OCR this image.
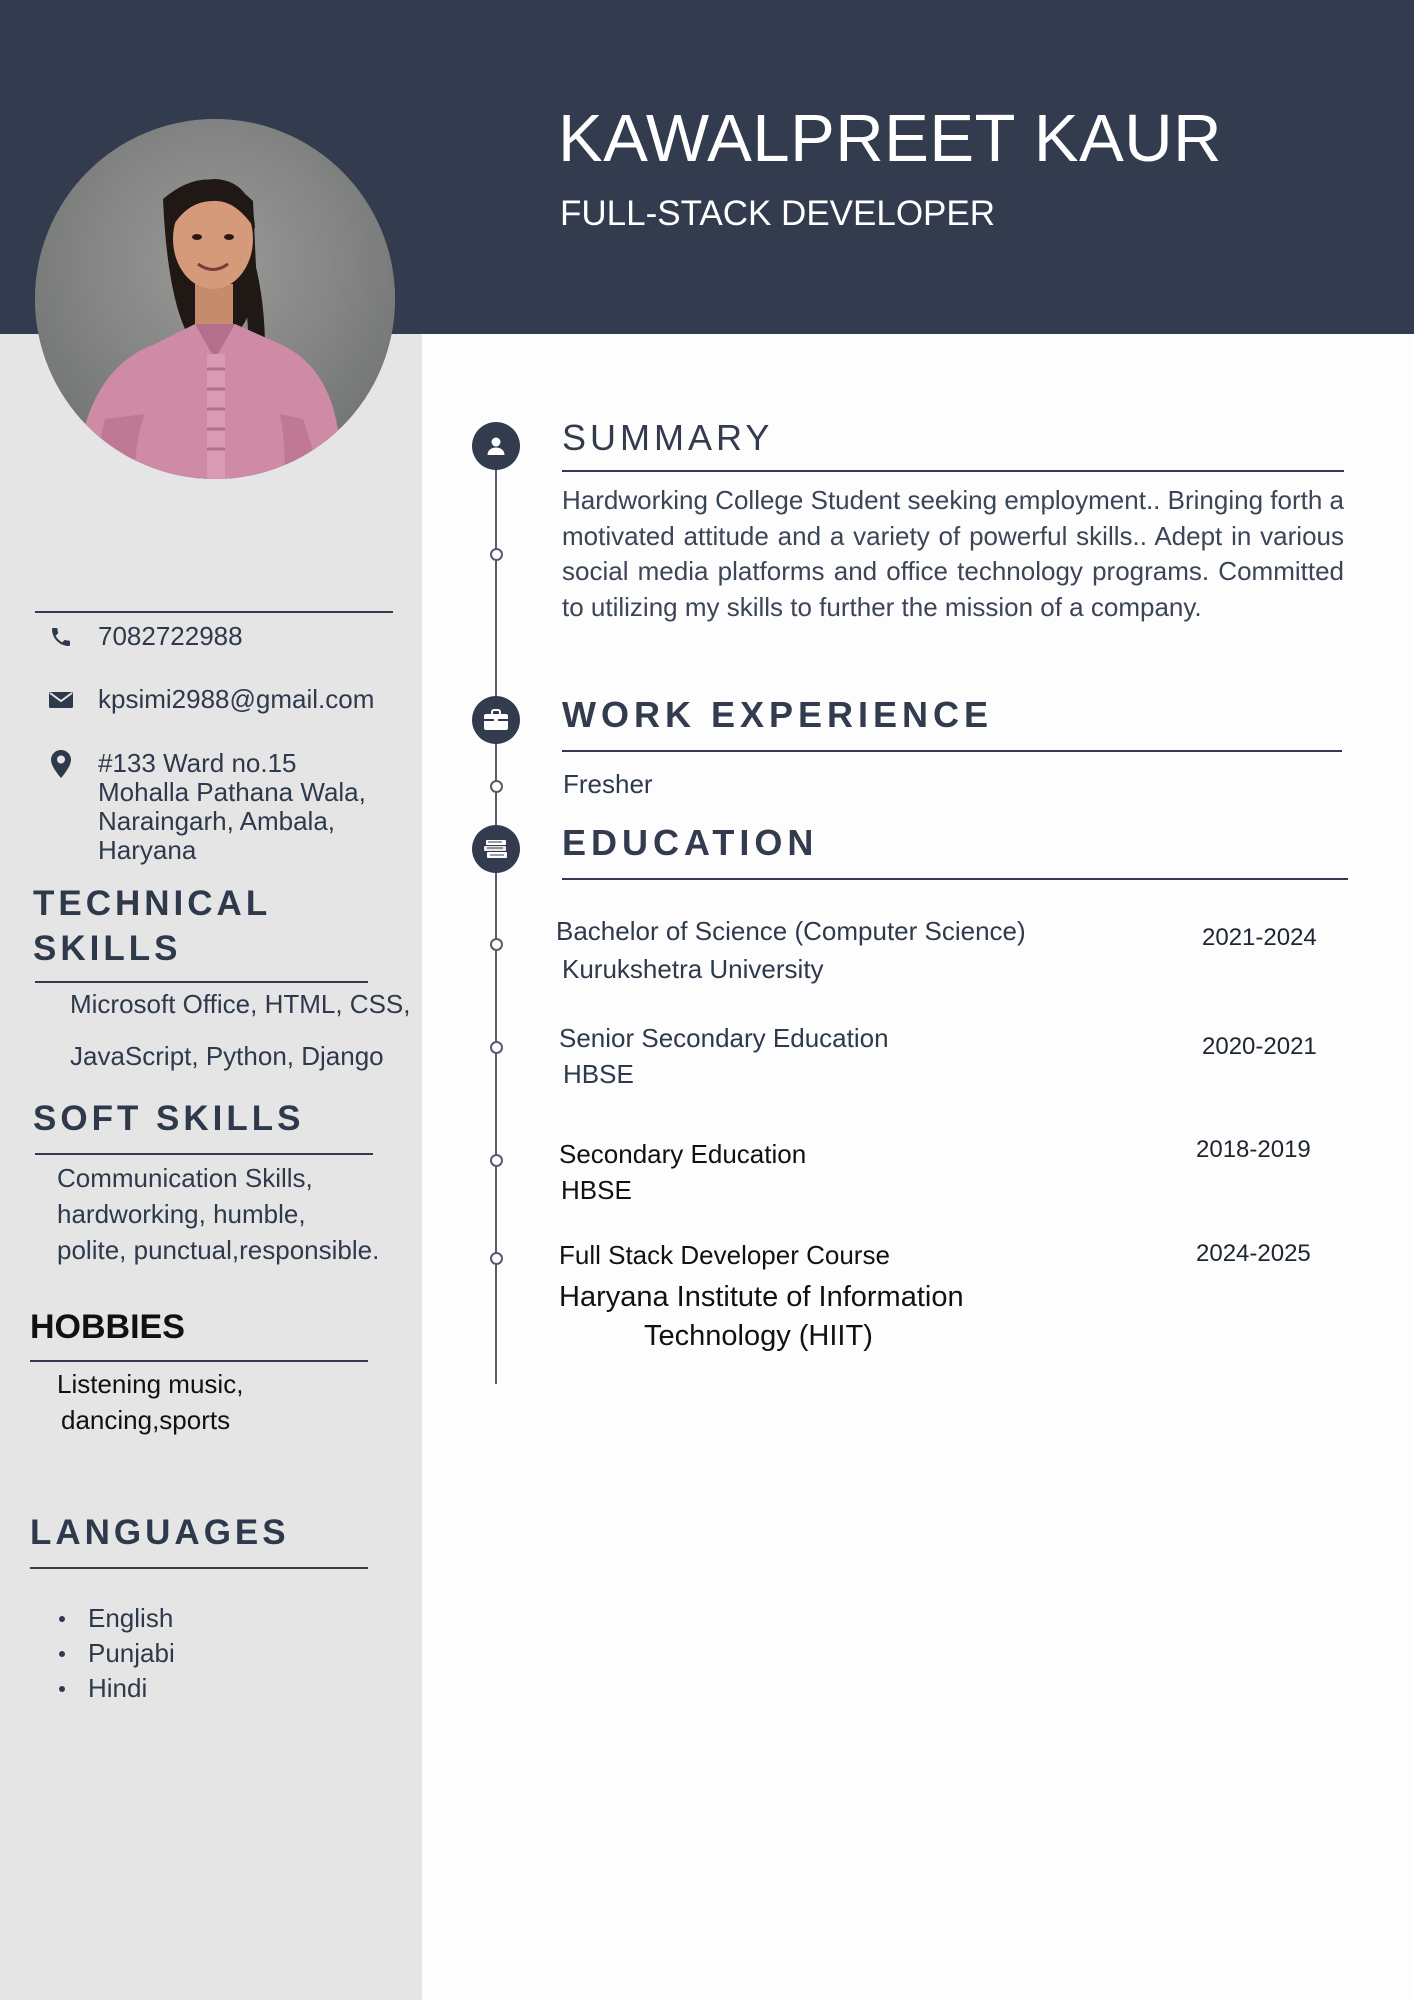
KAWALPREET KAUR
FULL-STACK DEVELOPER
7082722988
kpsimi2988@gmail.com
#133 Ward no.15
Mohalla Pathana Wala,
Naraingarh, Ambala,
Haryana
TECHNICAL
SKILLS
Microsoft Office, HTML, CSS,
JavaScript, Python, Django
SOFT SKILLS
Communication Skills,
hardworking, humble,
polite, punctual,responsible.
HOBBIES
Listening music,
dancing,sports
LANGUAGES
English
Punjabi
Hindi
SUMMARY
Hardworking College Student seeking employment.. Bringing forth a motivated attitude and a variety of powerful skills.. Adept in various social media platforms and office technology programs. Committed to utilizing my skills to further the mission of a company.
WORK EXPERIENCE
Fresher
EDUCATION
Bachelor of Science (Computer Science)
Kurukshetra University
2021-2024
Senior Secondary Education
HBSE
2020-2021
Secondary Education
HBSE
2018-2019
Full Stack Developer Course
Haryana Institute of Information
Technology (HIIT)
2024-2025
